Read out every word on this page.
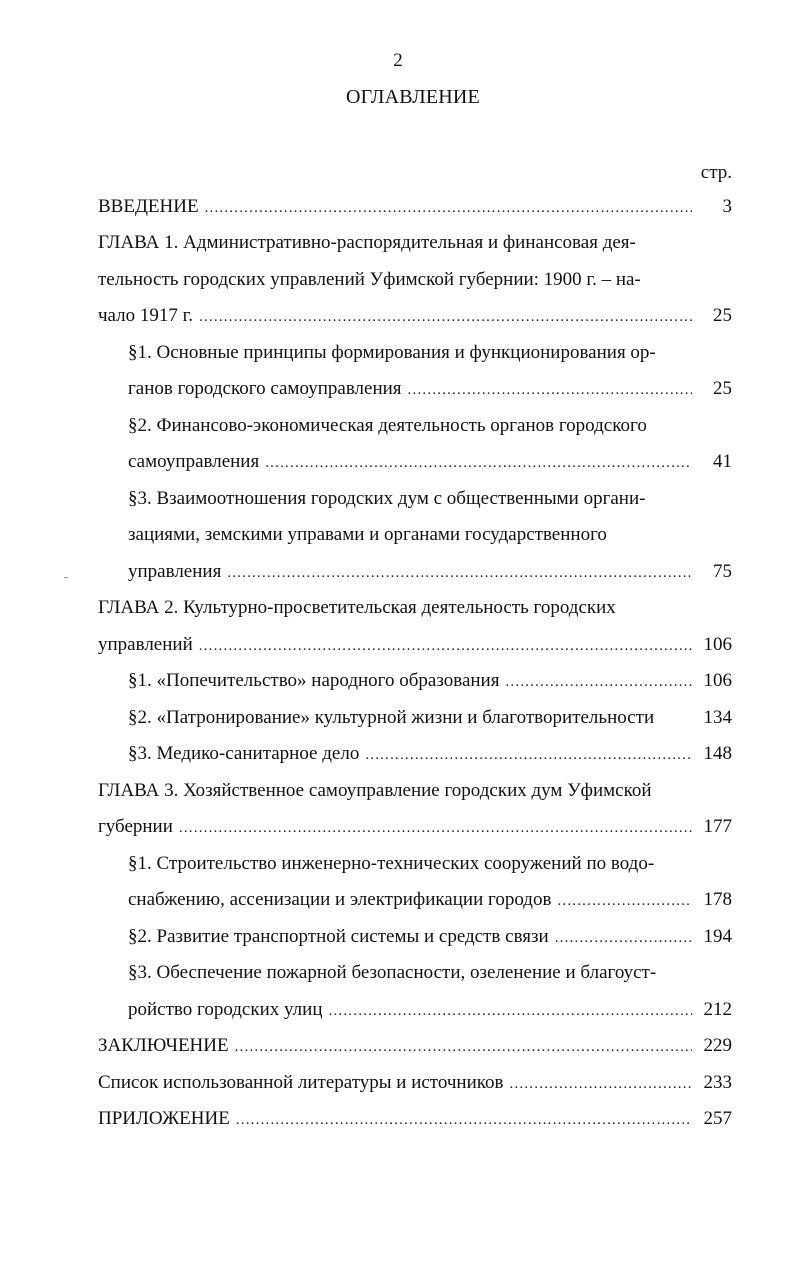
2
ОГЛАВЛЕНИЕ
стр.
ВВЕДЕНИЕ .....	3
ГЛАВА 1. Административно-распорядительная и финансовая дея-
тельность городских управлений Уфимской губернии: 1900 г. – на-
чало 1917 г. .....	25
§1. Основные принципы формирования и функционирования ор-
ганов городского самоуправления .....	25
§2. Финансово-экономическая деятельность органов городского
самоуправления .....	41
§3. Взаимоотношения городских дум с общественными органи-
зациями, земскими управами и органами государственного
управления .....	75
ГЛАВА 2. Культурно-просветительская деятельность городских
управлений .....	106
§1. «Попечительство» народного образования .....	106
§2. «Патронирование» культурной жизни и благотворительности	134
§3. Медико-санитарное дело .....	148
ГЛАВА 3. Хозяйственное самоуправление городских дум Уфимской
губернии .....	177
§1. Строительство инженерно-технических сооружений по водо-
снабжению, ассенизации и электрификации городов .....	178
§2. Развитие транспортной системы и средств связи .....	194
§3. Обеспечение пожарной безопасности, озеленение и благоуст-
ройство городских улиц .....	212
ЗАКЛЮЧЕНИЕ .....	229
Список использованной литературы и источников .....	233
ПРИЛОЖЕНИЕ .....	257
